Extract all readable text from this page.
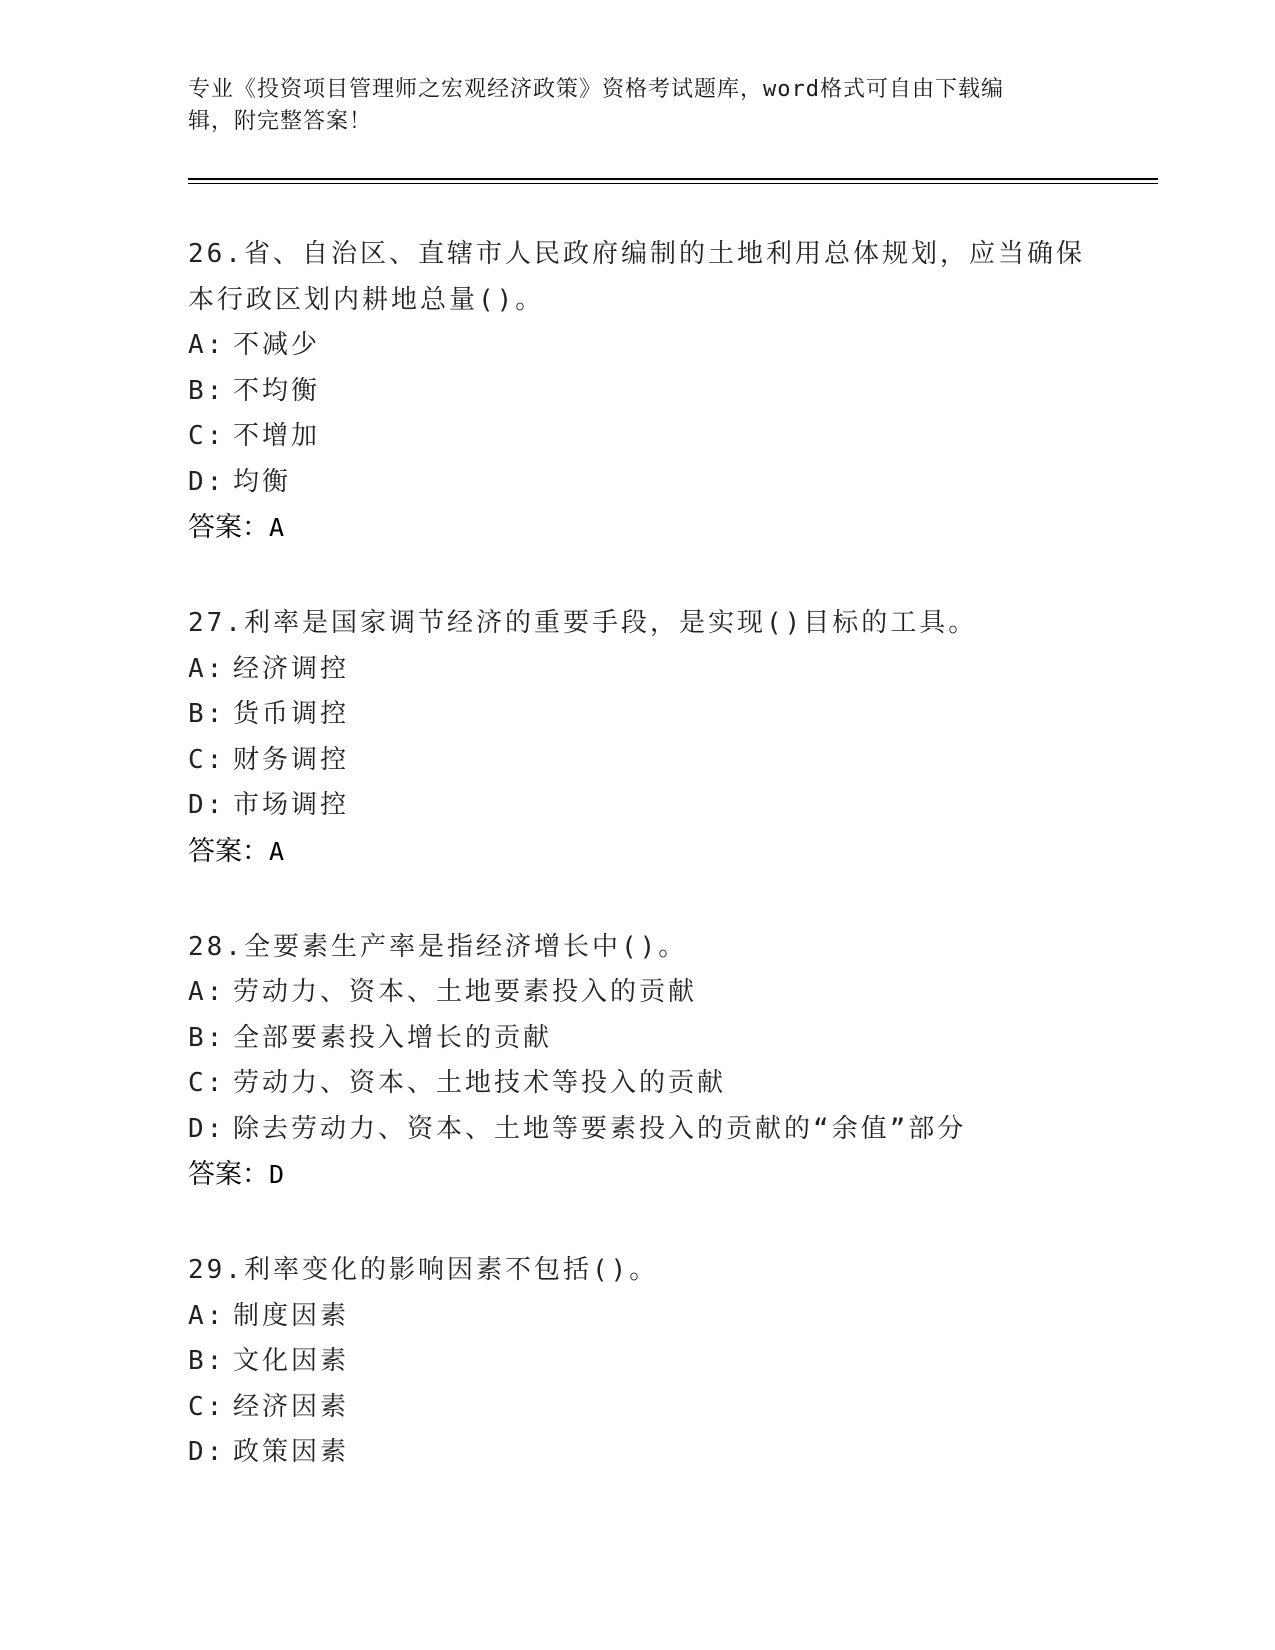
专业《投资项目管理师之宏观经济政策》资格考试题库，word格式可自由下载编
辑，附完整答案！
26.省、自治区、直辖市人民政府编制的土地利用总体规划，应当确保
本行政区划内耕地总量()。
A: 不减少
B: 不均衡
C: 不增加
D: 均衡
答案：A
27.利率是国家调节经济的重要手段，是实现()目标的工具。
A: 经济调控
B: 货币调控
C: 财务调控
D: 市场调控
答案：A
28.全要素生产率是指经济增长中()。
A: 劳动力、资本、土地要素投入的贡献
B: 全部要素投入增长的贡献
C: 劳动力、资本、土地技术等投入的贡献
D: 除去劳动力、资本、土地等要素投入的贡献的“余值”部分
答案：D
29.利率变化的影响因素不包括()。
A: 制度因素
B: 文化因素
C: 经济因素
D: 政策因素
